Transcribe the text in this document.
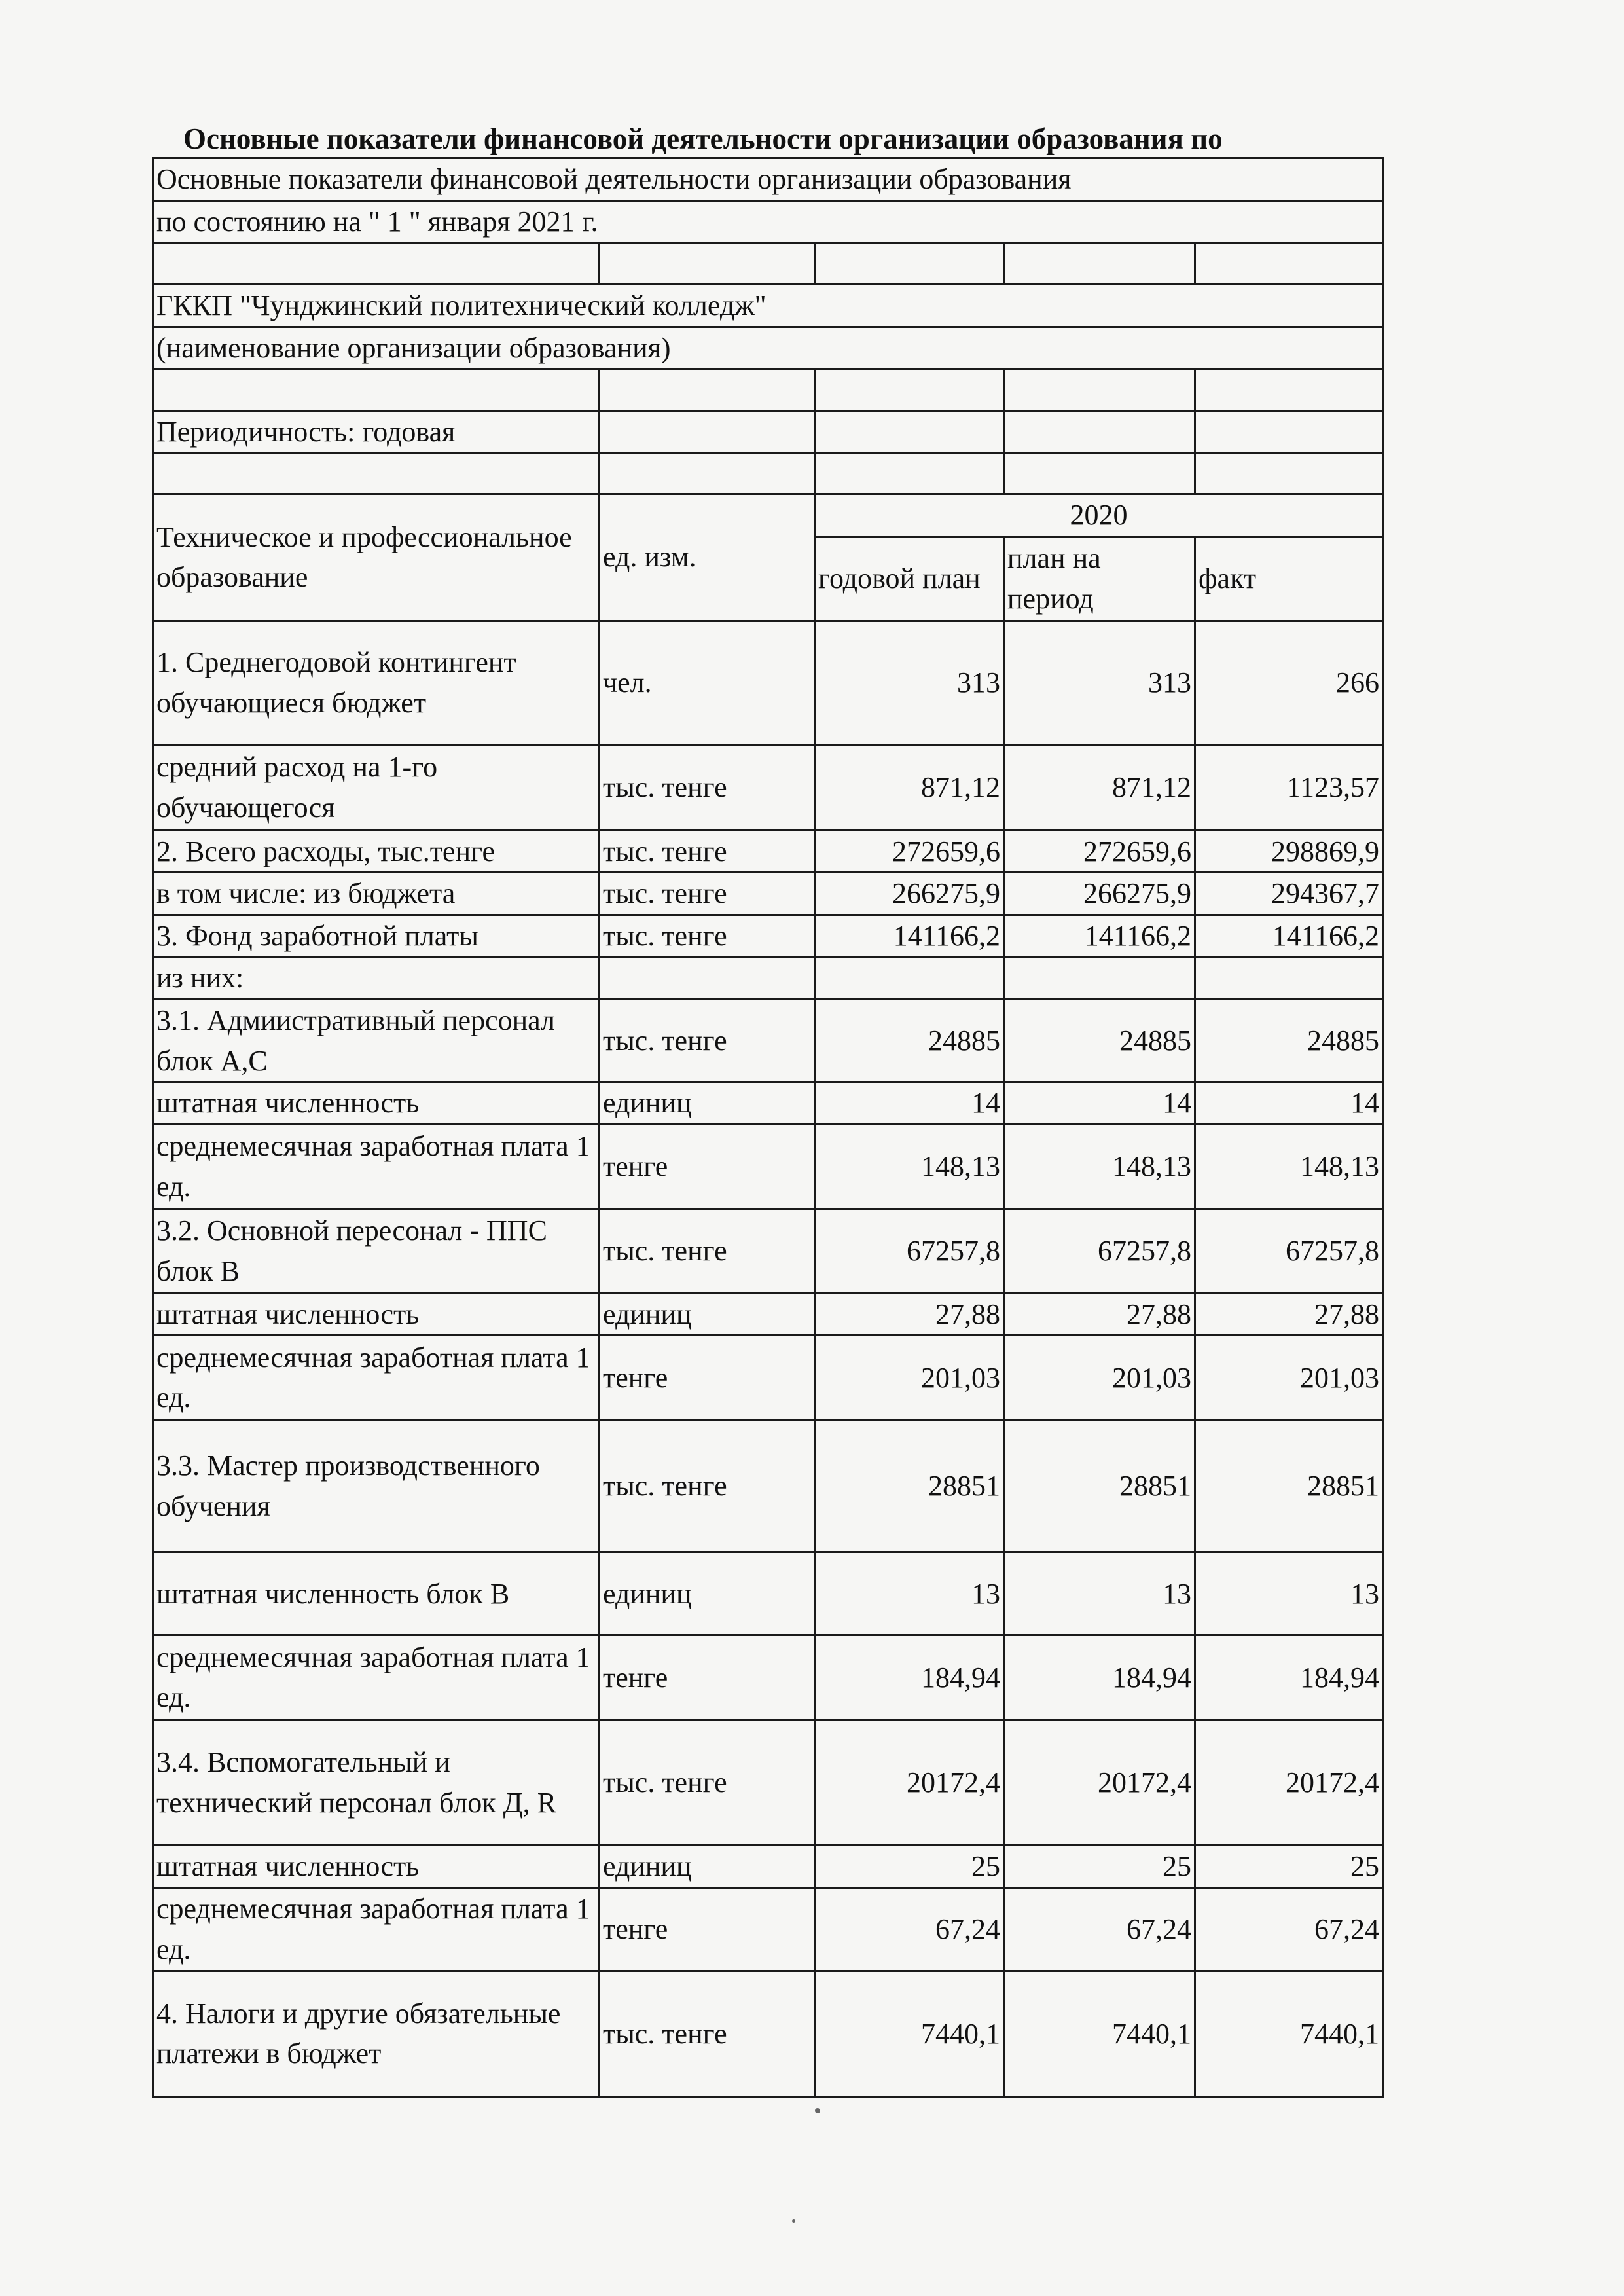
Основные показатели финансовой деятельности организации образования по
Основные показатели финансовой деятельности организации образования				
по состоянию на " 1 " января 2021 г.				

ГККП "Чунджинский политехнический колледж"				
(наименование организации образования)				

Периодичность: годовая				

Техническое и профессиональное образование	ед. изм.	2020		
		годовой план	план на период	факт
1. Среднегодовой контингент обучающиеся бюджет	чел.	313	313	266
средний расход на 1-го обучающегося	тыс. тенге	871,12	871,12	1123,57
2. Всего расходы, тыс.тенге	тыс. тенге	272659,6	272659,6	298869,9
в том числе: из бюджета	тыс. тенге	266275,9	266275,9	294367,7
3. Фонд заработной платы	тыс. тенге	141166,2	141166,2	141166,2
из них:				
3.1. Адмиистративный персонал блок А,С	тыс. тенге	24885	24885	24885
штатная численность	единиц	14	14	14
среднемесячная заработная плата 1 ед.	тенге	148,13	148,13	148,13
3.2. Основной пересонал - ППС блок В	тыс. тенге	67257,8	67257,8	67257,8
штатная численность	единиц	27,88	27,88	27,88
среднемесячная заработная плата 1 ед.	тенге	201,03	201,03	201,03
3.3. Мастер производственного обучения	тыс. тенге	28851	28851	28851
штатная численность блок В	единиц	13	13	13
среднемесячная заработная плата 1 ед.	тенге	184,94	184,94	184,94
3.4. Вспомогательный и технический персонал блок Д, R	тыс. тенге	20172,4	20172,4	20172,4
штатная численность	единиц	25	25	25
среднемесячная заработная плата 1 ед.	тенге	67,24	67,24	67,24
4. Налоги и другие обязательные платежи в бюджет	тыс. тенге	7440,1	7440,1	7440,1
